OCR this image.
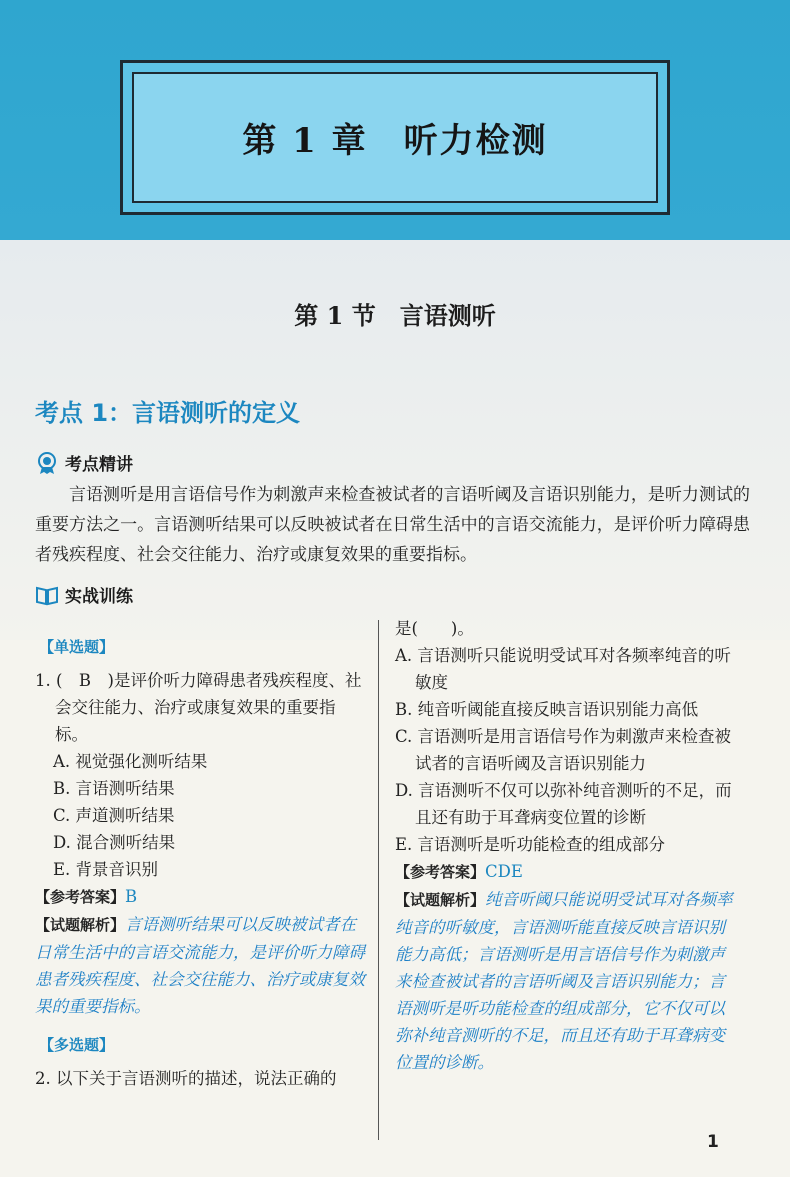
第 1 章　听力检测
第 1 节　言语测听
考点 1：言语测听的定义
考点精讲
言语测听是用言语信号作为刺激声来检查被试者的言语听阈及言语识别能力，是听力测试的重要方法之一。言语测听结果可以反映被试者在日常生活中的言语交流能力，是评价听力障碍患者残疾程度、社会交往能力、治疗或康复效果的重要指标。
实战训练
【单选题】
1. (　B　)是评价听力障碍患者残疾程度、社会交往能力、治疗或康复效果的重要指标。
A. 视觉强化测听结果
B. 言语测听结果
C. 声道测听结果
D. 混合测听结果
E. 背景音识别
【参考答案】B
【试题解析】言语测听结果可以反映被试者在日常生活中的言语交流能力，是评价听力障碍患者残疾程度、社会交往能力、治疗或康复效果的重要指标。
【多选题】
2. 以下关于言语测听的描述，说法正确的
是(　　)。
A. 言语测听只能说明受试耳对各频率纯音的听敏度
B. 纯音听阈能直接反映言语识别能力高低
C. 言语测听是用言语信号作为刺激声来检查被试者的言语听阈及言语识别能力
D. 言语测听不仅可以弥补纯音测听的不足，而且还有助于耳聋病变位置的诊断
E. 言语测听是听功能检查的组成部分
【参考答案】CDE
【试题解析】纯音听阈只能说明受试耳对各频率纯音的听敏度，言语测听能直接反映言语识别能力高低；言语测听是用言语信号作为刺激声来检查被试者的言语听阈及言语识别能力；言语测听是听功能检查的组成部分，它不仅可以弥补纯音测听的不足，而且还有助于耳聋病变位置的诊断。
1
